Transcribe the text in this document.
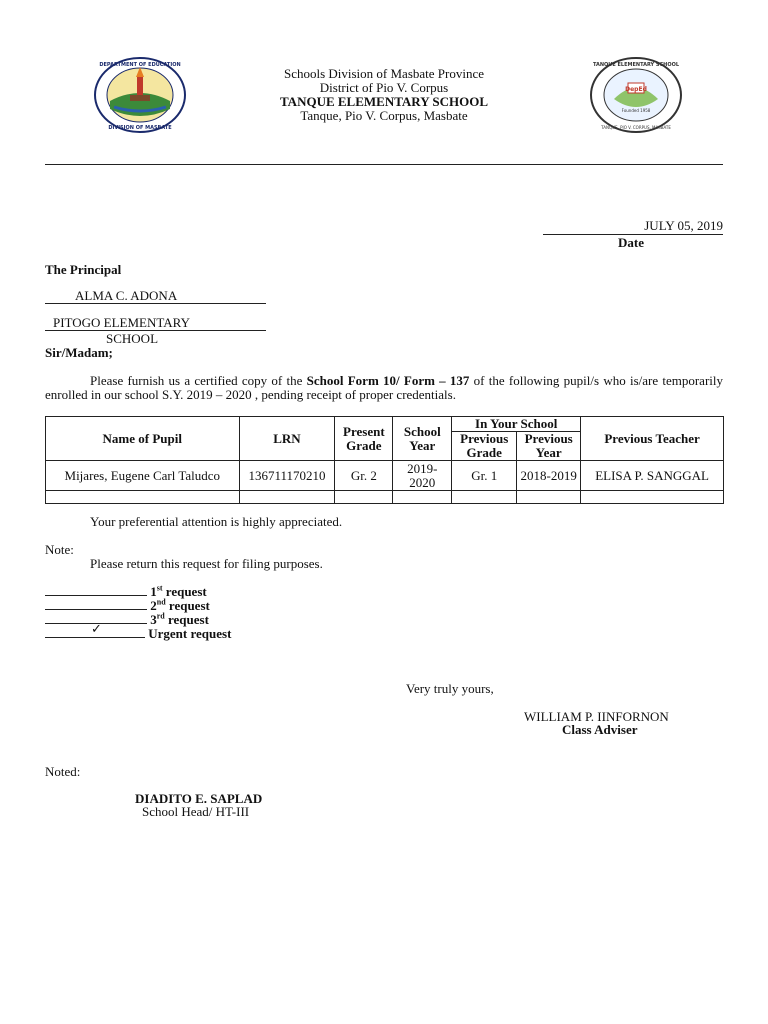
DEPARTMENT OF EDUCATION
DIVISION OF MASBATE
DepEd
Founded 1958
TANQUE ELEMENTARY SCHOOL
TANQUE, PIO V. CORPUS, MASBATE
Schools Division of Masbate Province
District of Pio V. Corpus
TANQUE ELEMENTARY SCHOOL
Tanque, Pio V. Corpus, Masbate
JULY 05, 2019
Date
The Principal
ALMA C. ADONA
PITOGO ELEMENTARY
SCHOOL
Sir/Madam;
Please furnish us a certified copy of the School Form 10/ Form – 137 of the following pupil/s who is/are temporarily enrolled in our school S.Y. 2019 – 2020 , pending receipt of proper credentials.
Name of Pupil	LRN	Present Grade	School Year	In Your School		Previous Teacher
				Previous Grade	Previous Year	
Mijares, Eugene Carl Taludco	136711170210	Gr. 2	2019-2020	Gr. 1	2018-2019	ELISA P. SANGGAL

Your preferential attention is highly appreciated.
Note:
Please return this request for filing purposes.
1st request
2nd request
3rd request
✓	Urgent request
Very truly yours,
WILLIAM P. IINFORNON
Class Adviser
Noted:
DIADITO E. SAPLAD
School Head/ HT-III
